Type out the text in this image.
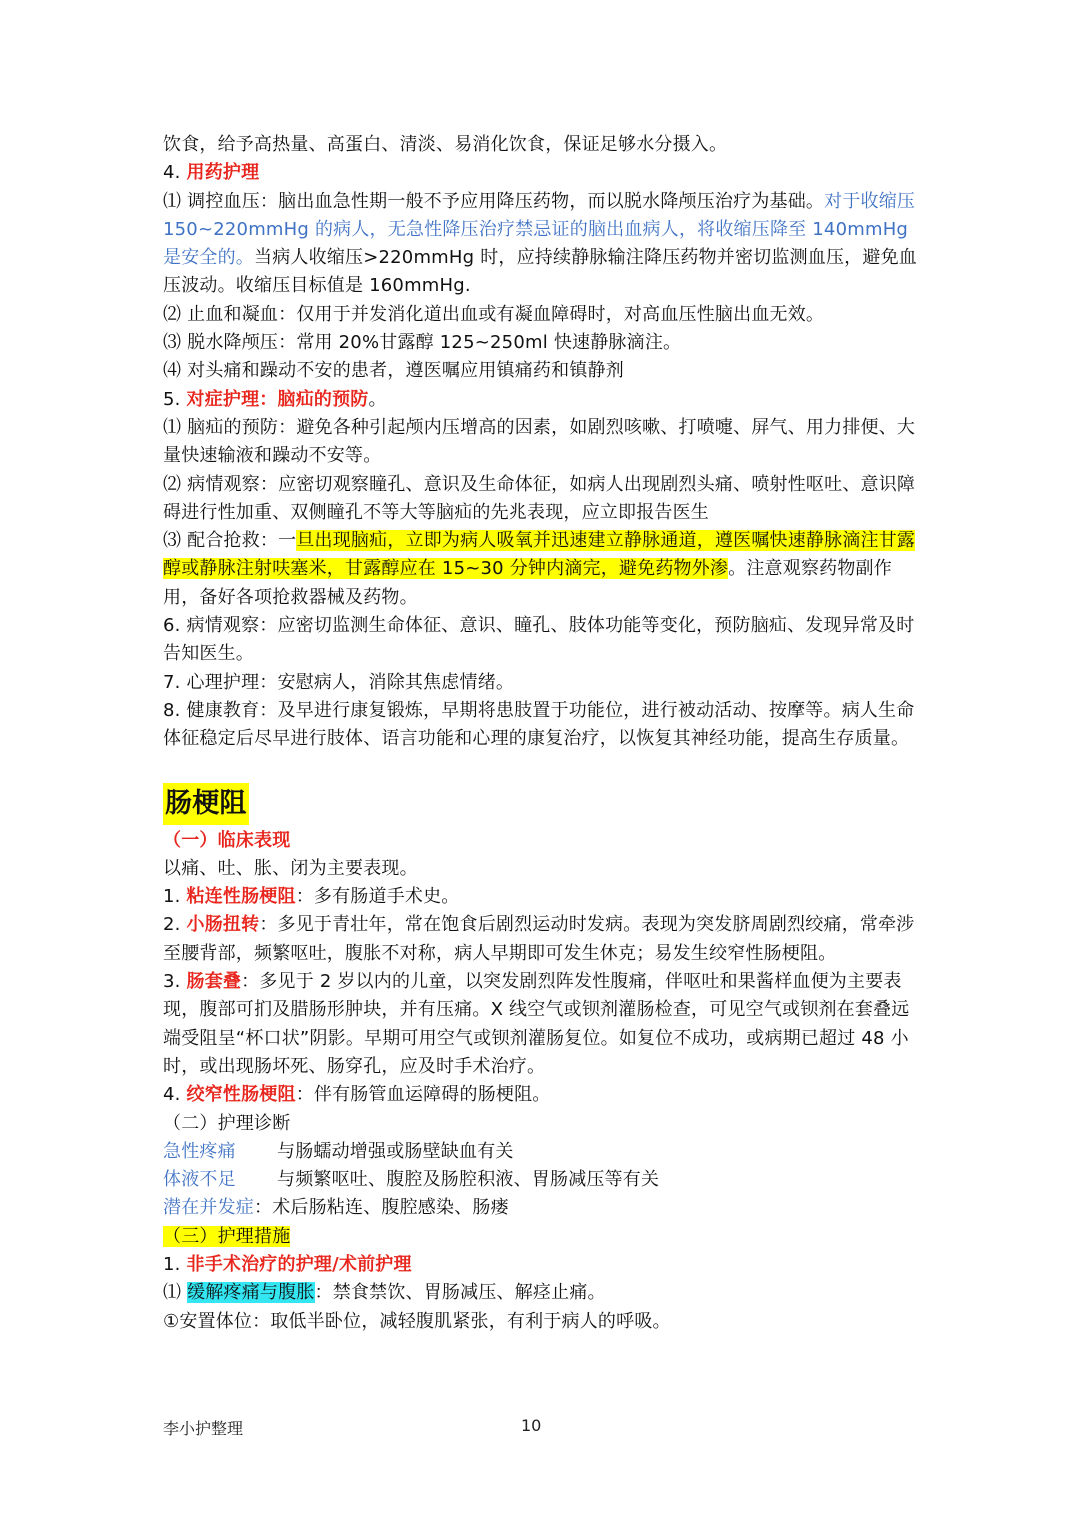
饮食，给予高热量、高蛋白、清淡、易消化饮食，保证足够水分摄入。

4. 用药护理

⑴ 调控血压：脑出血急性期一般不予应用降压药物，而以脱水降颅压治疗为基础。对于收缩压 150~220mmHg 的病人，无急性降压治疗禁忌证的脑出血病人，将收缩压降至 140mmHg 是安全的。当病人收缩压>220mmHg 时，应持续静脉输注降压药物并密切监测血压，避免血压波动。收缩压目标值是 160mmHg.

⑵ 止血和凝血：仅用于并发消化道出血或有凝血障碍时，对高血压性脑出血无效。

⑶ 脱水降颅压：常用 20%甘露醇 125~250ml 快速静脉滴注。

⑷ 对头痛和躁动不安的患者，遵医嘱应用镇痛药和镇静剂

5. 对症护理：脑疝的预防。

⑴ 脑疝的预防：避免各种引起颅内压增高的因素，如剧烈咳嗽、打喷嚏、屏气、用力排便、大量快速输液和躁动不安等。

⑵ 病情观察：应密切观察瞳孔、意识及生命体征，如病人出现剧烈头痛、喷射性呕吐、意识障碍进行性加重、双侧瞳孔不等大等脑疝的先兆表现，应立即报告医生

⑶ 配合抢救：一旦出现脑疝，立即为病人吸氧并迅速建立静脉通道，遵医嘱快速静脉滴注甘露醇或静脉注射呋塞米，甘露醇应在 15~30 分钟内滴完，避免药物外渗。注意观察药物副作用，备好各项抢救器械及药物。

6. 病情观察：应密切监测生命体征、意识、瞳孔、肢体功能等变化，预防脑疝、发现异常及时告知医生。

7. 心理护理：安慰病人，消除其焦虑情绪。

8. 健康教育：及早进行康复锻炼，早期将患肢置于功能位，进行被动活动、按摩等。病人生命体征稳定后尽早进行肢体、语言功能和心理的康复治疗，以恢复其神经功能，提高生存质量。

肠梗阻

（一）临床表现

以痛、吐、胀、闭为主要表现。

1. 粘连性肠梗阻：多有肠道手术史。

2. 小肠扭转：多见于青壮年，常在饱食后剧烈运动时发病。表现为突发脐周剧烈绞痛，常牵涉至腰背部，频繁呕吐，腹胀不对称，病人早期即可发生休克；易发生绞窄性肠梗阻。

3. 肠套叠：多见于 2 岁以内的儿童，以突发剧烈阵发性腹痛，伴呕吐和果酱样血便为主要表现，腹部可扪及腊肠形肿块，并有压痛。X 线空气或钡剂灌肠检查，可见空气或钡剂在套叠远端受阻呈“杯口状”阴影。早期可用空气或钡剂灌肠复位。如复位不成功，或病期已超过 48 小时，或出现肠坏死、肠穿孔，应及时手术治疗。

4. 绞窄性肠梗阻：伴有肠管血运障碍的肠梗阻。

（二）护理诊断

急性疼痛	与肠蠕动增强或肠壁缺血有关
体液不足	与频繁呕吐、腹腔及肠腔积液、胃肠减压等有关

潜在并发症：术后肠粘连、腹腔感染、肠瘘

（三）护理措施

1. 非手术治疗的护理/术前护理

⑴ 缓解疼痛与腹胀：禁食禁饮、胃肠减压、解痉止痛。

①安置体位：取低半卧位，减轻腹肌紧张，有利于病人的呼吸。

李小护整理	10
